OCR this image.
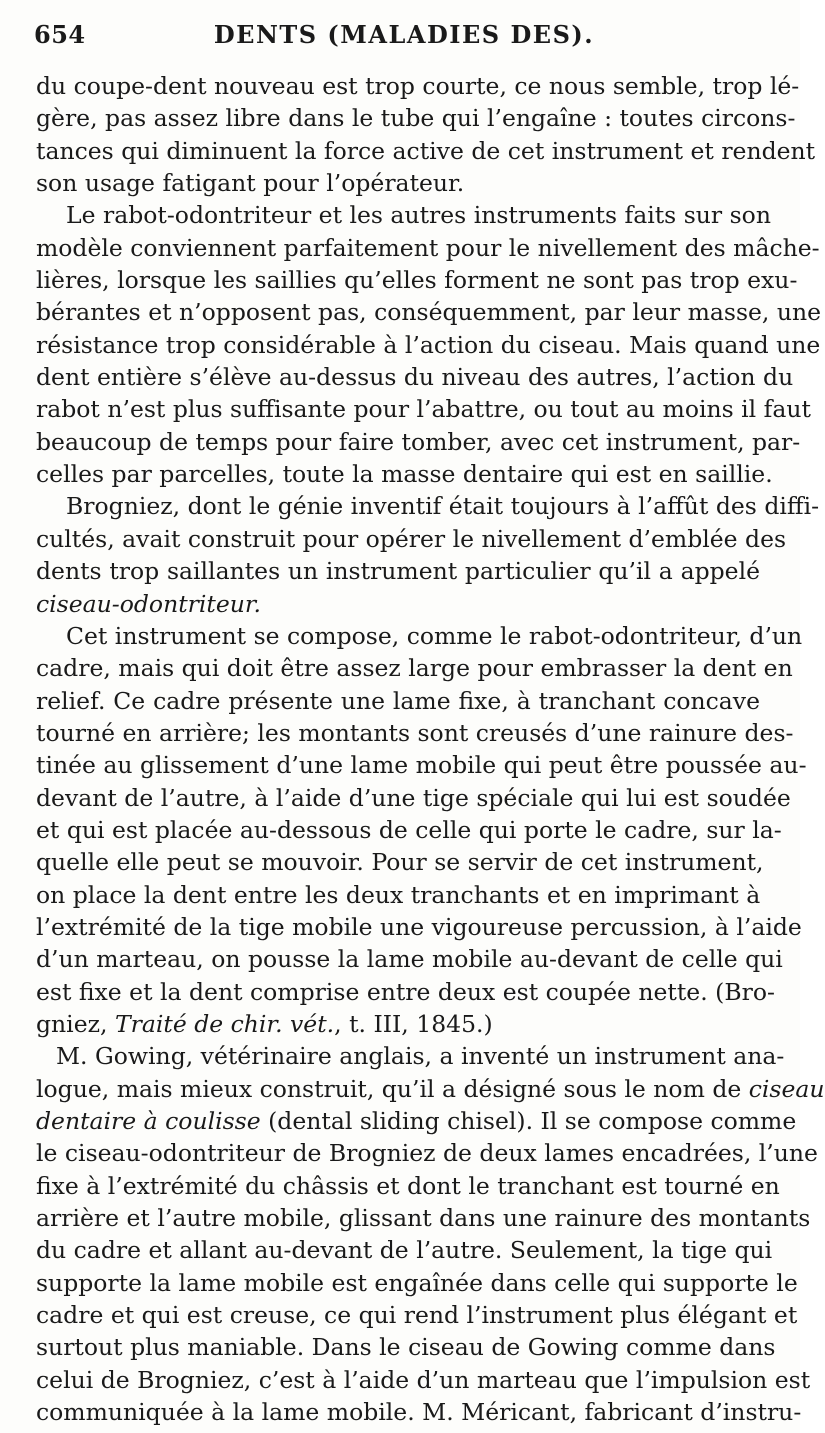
654	DENTS (MALADIES DES).
du coupe-dent nouveau est trop courte, ce nous semble, trop lé-
gère, pas assez libre dans le tube qui l’engaîne : toutes circons-
tances qui diminuent la force active de cet instrument et rendent
son usage fatigant pour l’opérateur.
Le rabot-odontriteur et les autres instruments faits sur son
modèle conviennent parfaitement pour le nivellement des mâche-
lières, lorsque les saillies qu’elles forment ne sont pas trop exu-
bérantes et n’opposent pas, conséquemment, par leur masse, une
résistance trop considérable à l’action du ciseau. Mais quand une
dent entière s’élève au-dessus du niveau des autres, l’action du
rabot n’est plus suffisante pour l’abattre, ou tout au moins il faut
beaucoup de temps pour faire tomber, avec cet instrument, par-
celles par parcelles, toute la masse dentaire qui est en saillie.
Brogniez, dont le génie inventif était toujours à l’affût des diffi-
cultés, avait construit pour opérer le nivellement d’emblée des
dents trop saillantes un instrument particulier qu’il a appelé
ciseau-odontriteur.
Cet instrument se compose, comme le rabot-odontriteur, d’un
cadre, mais qui doit être assez large pour embrasser la dent en
relief. Ce cadre présente une lame fixe, à tranchant concave
tourné en arrière; les montants sont creusés d’une rainure des-
tinée au glissement d’une lame mobile qui peut être poussée au-
devant de l’autre, à l’aide d’une tige spéciale qui lui est soudée
et qui est placée au-dessous de celle qui porte le cadre, sur la-
quelle elle peut se mouvoir. Pour se servir de cet instrument,
on place la dent entre les deux tranchants et en imprimant à
l’extrémité de la tige mobile une vigoureuse percussion, à l’aide
d’un marteau, on pousse la lame mobile au-devant de celle qui
est fixe et la dent comprise entre deux est coupée nette. (Bro-
gniez, Traité de chir. vét., t. III, 1845.)
M. Gowing, vétérinaire anglais, a inventé un instrument ana-
logue, mais mieux construit, qu’il a désigné sous le nom de ciseau
dentaire à coulisse (dental sliding chisel). Il se compose comme
le ciseau-odontriteur de Brogniez de deux lames encadrées, l’une
fixe à l’extrémité du châssis et dont le tranchant est tourné en
arrière et l’autre mobile, glissant dans une rainure des montants
du cadre et allant au-devant de l’autre. Seulement, la tige qui
supporte la lame mobile est engaînée dans celle qui supporte le
cadre et qui est creuse, ce qui rend l’instrument plus élégant et
surtout plus maniable. Dans le ciseau de Gowing comme dans
celui de Brogniez, c’est à l’aide d’un marteau que l’impulsion est
communiquée à la lame mobile. M. Méricant, fabricant d’instru-
